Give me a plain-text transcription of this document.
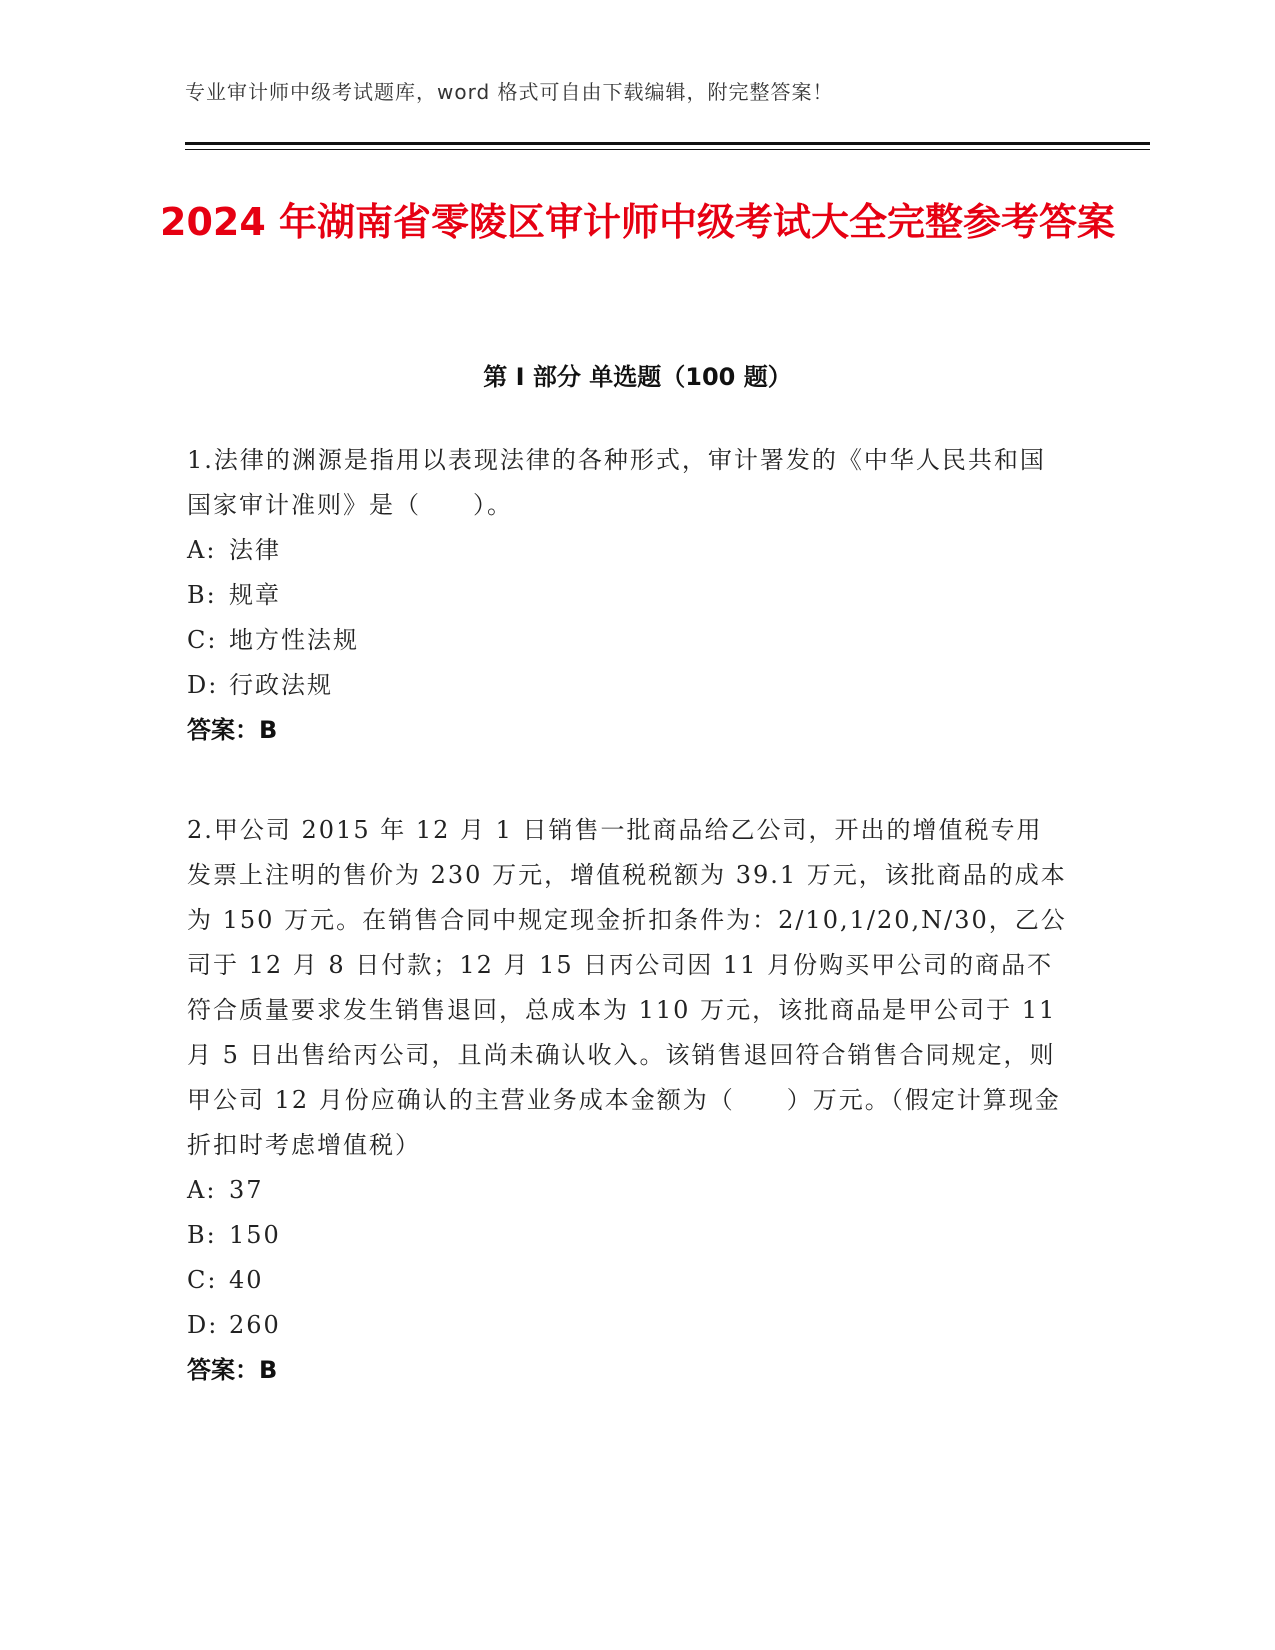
专业审计师中级考试题库，word 格式可自由下载编辑，附完整答案！
2024 年湖南省零陵区审计师中级考试大全完整参考答案
第 I 部分 单选题（100 题）

1.法律的渊源是指用以表现法律的各种形式，审计署发的《中华人民共和国国家审计准则》是（　　）。

A: 法律
B: 规章
C: 地方性法规
D: 行政法规
答案：B

2.甲公司 2015 年 12 月 1 日销售一批商品给乙公司，开出的增值税专用发票上注明的售价为 230 万元，增值税税额为 39.1 万元，该批商品的成本为 150 万元。在销售合同中规定现金折扣条件为：2/10,1/20,N/30，乙公司于 12 月 8 日付款；12 月 15 日丙公司因 11 月份购买甲公司的商品不符合质量要求发生销售退回，总成本为 110 万元，该批商品是甲公司于 11 月 5 日出售给丙公司，且尚未确认收入。该销售退回符合销售合同规定，则甲公司 12 月份应确认的主营业务成本金额为（　　）万元。（假定计算现金折扣时考虑增值税）

A: 37
B: 150
C: 40
D: 260
答案：B
